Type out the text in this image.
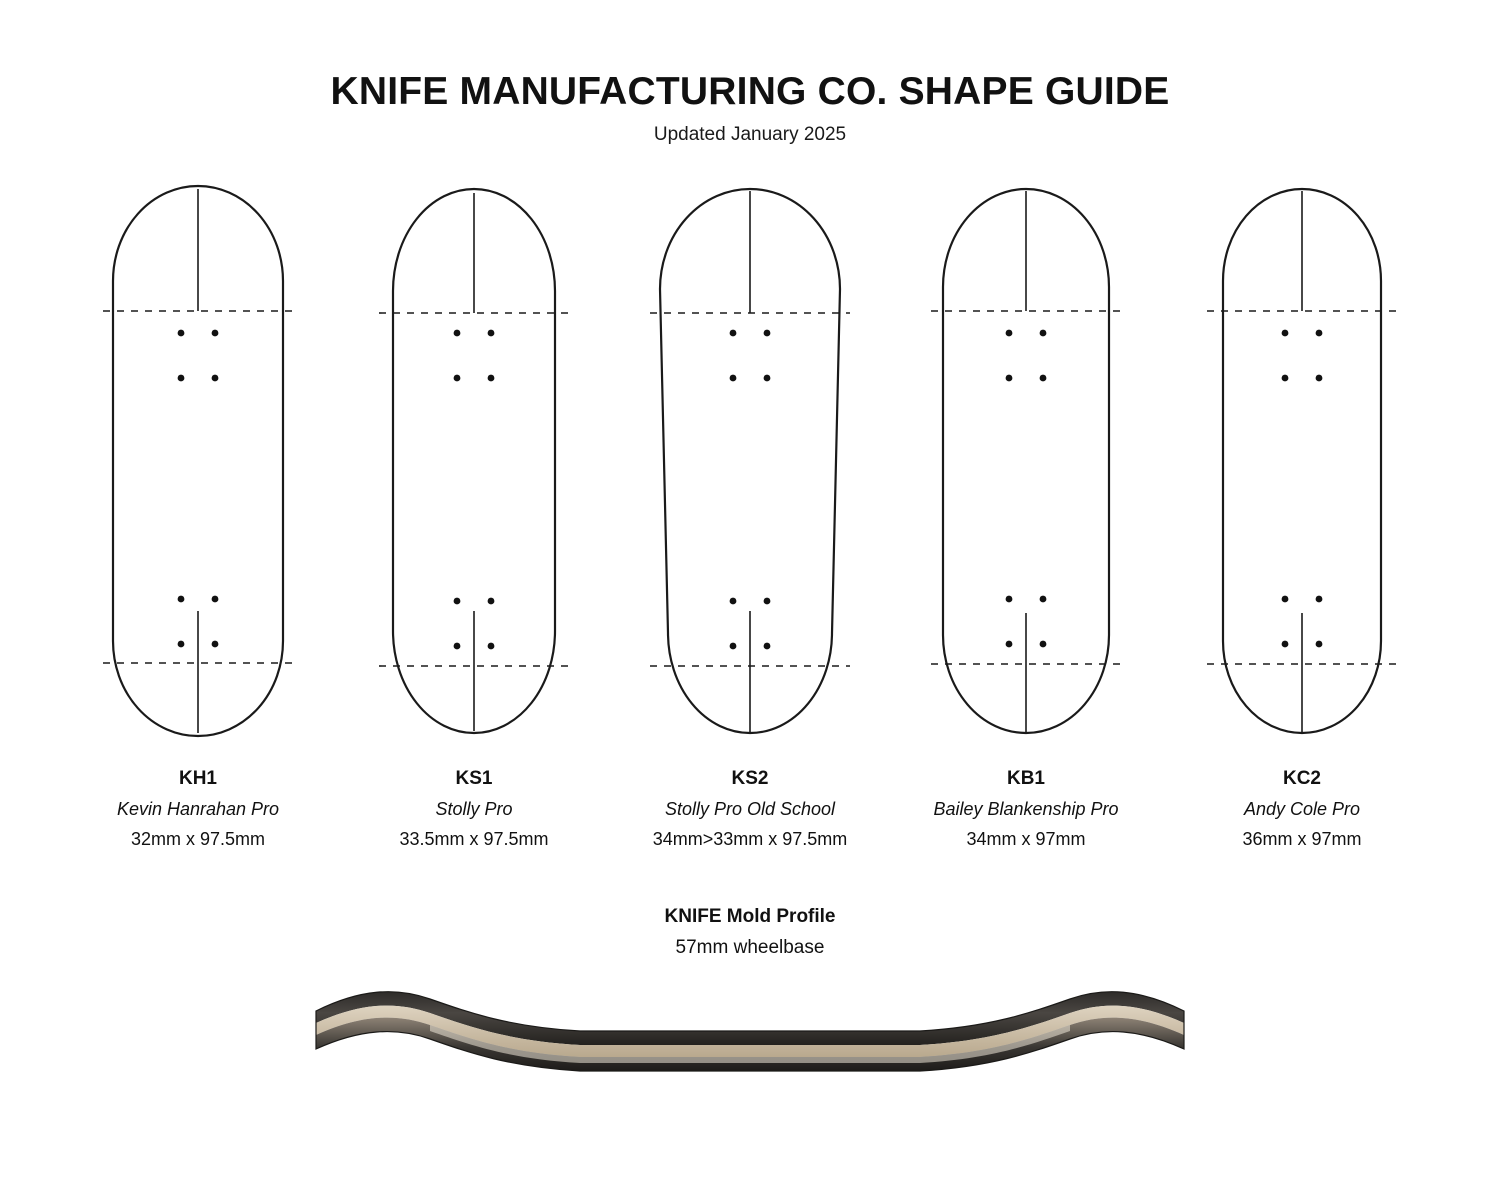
KNIFE MANUFACTURING CO. SHAPE GUIDE

Updated January 2025

KH1
Kevin Hanrahan Pro
32mm x 97.5mm
KS1
Stolly Pro
33.5mm x 97.5mm
KS2
Stolly Pro Old School
34mm>33mm x 97.5mm
KB1
Bailey Blankenship Pro
34mm x 97mm
KC2
Andy Cole Pro
36mm x 97mm
KNIFE Mold Profile
57mm wheelbase
